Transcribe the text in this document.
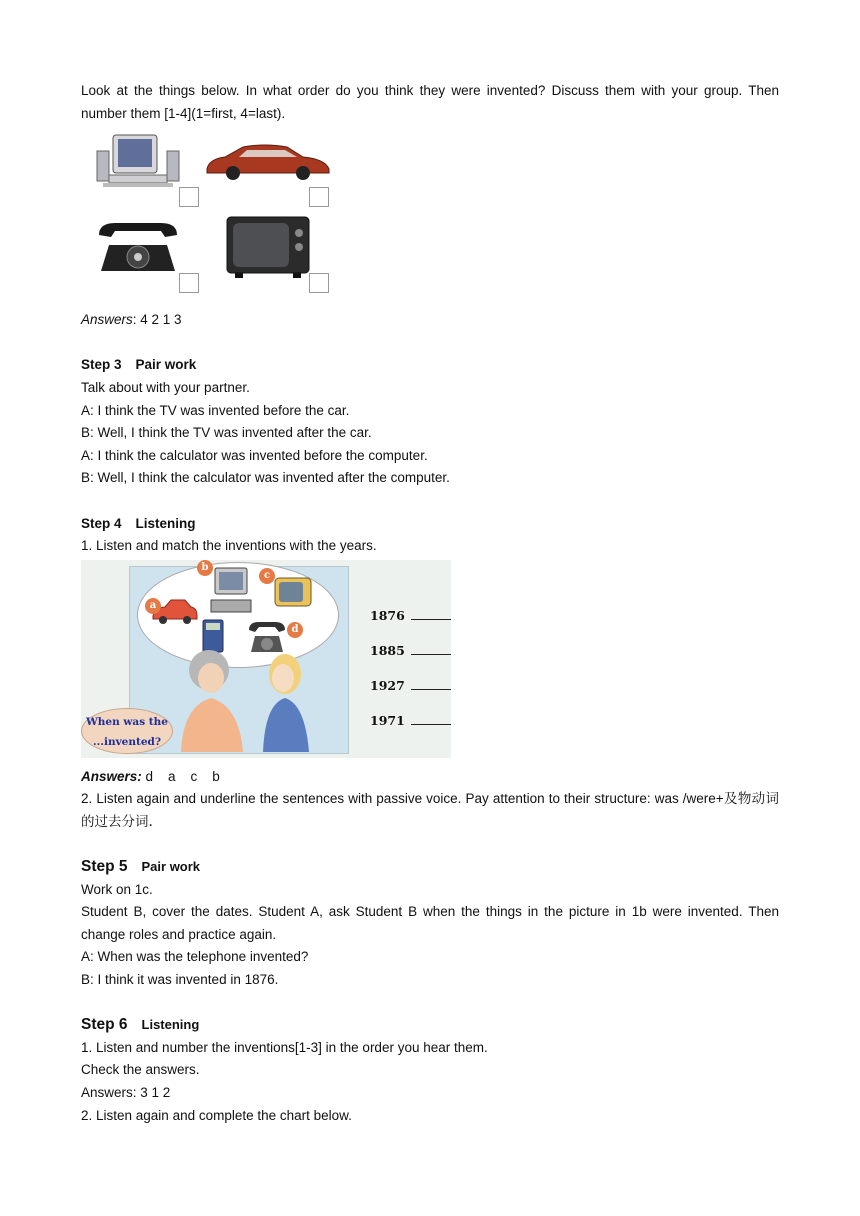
Look at the things below. In what order do you think they were invented? Discuss them with your group. Then number them [1-4](1=first, 4=last).
Answers: 4 2 1 3
Step 3 Pair work
Talk about with your partner.
A: I think the TV was invented before the car.
B: Well, I think the TV was invented after the car.
A: I think the calculator was invented before the computer.
B: Well, I think the calculator was invented after the computer.
Step 4 Listening
1. Listen and match the inventions with the years.
b
c
a
d
When was the
...invented?
1876
1885
1927
1971
Answers: d    a    c    b
2. Listen again and underline the sentences with passive voice. Pay attention to their structure: was /were+及物动词的过去分词.
Step 5 Pair work
Work on 1c.
Student B, cover the dates. Student A, ask Student B when the things in the picture in 1b were invented. Then change roles and practice again.
A: When was the telephone invented?
B: I think it was invented in 1876.
Step 6 Listening
1. Listen and number the inventions[1-3] in the order you hear them.
Check the answers.
Answers: 3 1 2
2. Listen again and complete the chart below.
